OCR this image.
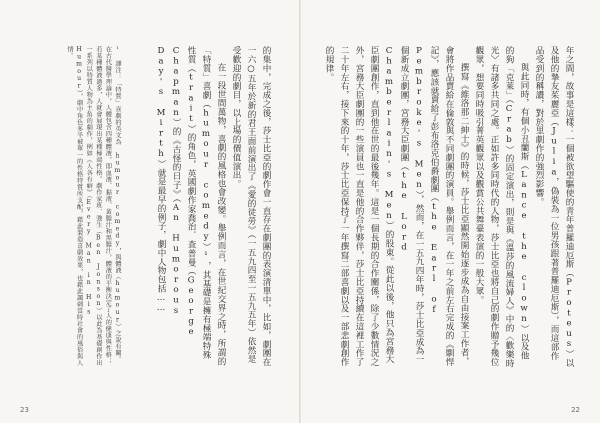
的集中，完成之後，莎士比亞的劇作會一直存在劇團的表演清單中，比如，劇團在一六○五年於新的君王面前演出了《愛的徒勞》（一五九四至一五九五年）依然是受歡迎的劇目，以上場的價值演出。

在一段世間萬物，喜劇的風格也會改變。舉例而言，在世紀交界之時，所謂的「特質」喜劇（humour comedy）¹，其基礎是擁有極端特殊性質（trait）的角色，英國劇作家喬治．查普曼（George Chapman）的《古怪的日子》（An Humorous Day's Mirth）就是最早的例子，劇中人物包括……

¹ 譯注：「特質」喜劇的英文為 humour comedy，與體液（humour）之說有關。在古代醫學理論中，人體包含四種體液，即血液、黏液、黃膽汁和黑膽汁，體液的平衡決定了人的健康與性格；若某種體液過多，人就會展現出某種極端性格。劇作家班．強生（Ben Jonson）以此為基礎創作出一系列以特質人物為主角的劇作，例如《人各有癖》（Every Man in His Humour），劇中角色多半被單一的性格特質所支配，藉此製造喜劇效果，也藉此諷刺當時社會的風俗與人情。

23

年之間，故事是這樣：一個被欲望驅使的青年普羅迪厄斯（Proteus）以及他的摯友茱麗亞（Julia，偽裝為一位男孩跟著普羅迪厄斯），而這部作品受到的稱讚，對於里劇作的強烈影響。

與此同時，有個小丑蘭斯（Lance the clown）以及他的狗「克萊」（Crab）的固定演出，則是與《溫莎的風流婦人》中的〈歡樂時光〉有諸多共同之處。正如許多同時代的人物，莎士比亞也將自己的劇作贈予幾位觀眾，想要同時吸引菁英觀眾以及觀賞公共舞臺表演的一般大眾。

撰寫《維洛那二紳士》的時候，莎士比亞顯然開始逐步成為自由接案工作者，會將作品賣給在倫敦與不同劇團的演員。舉例而言，在一年之前左右完成的《馴悍記》，應該就賣給了彭布洛克伯爵劇團（the Earl of Pembroke's Men），然而，在一五九四年時，莎士比亞成為一個新成立劇團，宮務大臣劇團（the Lord Chamberlain's Men）的股東。從此以後，他只為宮務大臣劇團創作，直到他在世的最後幾年。這是一個長期的合作關係，除了少數情況之外，宮務大臣劇團的一些演員也一直是他的合作夥伴，莎士比亞持續在這裡工作了二十年左右，接下來的十年，莎士比亞保持了一年撰寫二部喜劇以及一部悲劇創作的規律。

22
